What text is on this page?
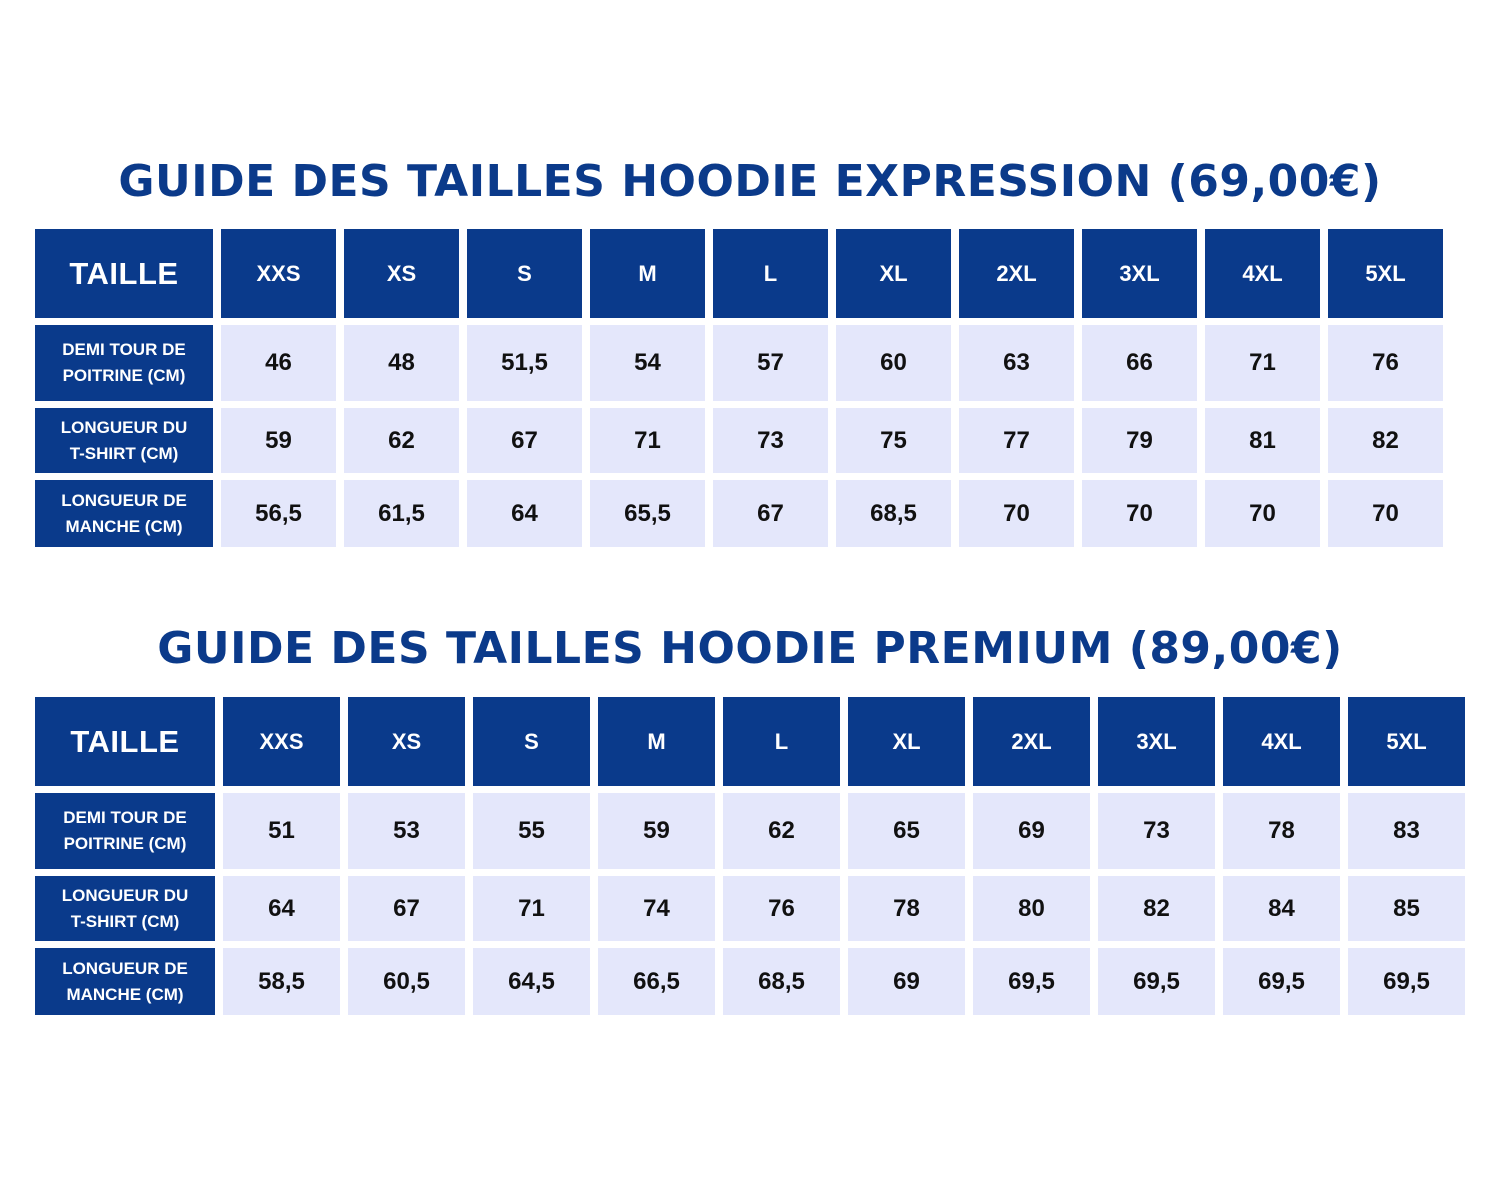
GUIDE DES TAILLES HOODIE EXPRESSION (69,00€)
TAILLE	XXS	XS	S	M	L	XL	2XL	3XL	4XL	5XL
DEMI TOUR DE
POITRINE (CM)	46	48	51,5	54	57	60	63	66	71	76
LONGUEUR DU
T-SHIRT (CM)	59	62	67	71	73	75	77	79	81	82
LONGUEUR DE
MANCHE (CM)	56,5	61,5	64	65,5	67	68,5	70	70	70	70
GUIDE DES TAILLES HOODIE PREMIUM (89,00€)
TAILLE	XXS	XS	S	M	L	XL	2XL	3XL	4XL	5XL
DEMI TOUR DE
POITRINE (CM)	51	53	55	59	62	65	69	73	78	83
LONGUEUR DU
T-SHIRT (CM)	64	67	71	74	76	78	80	82	84	85
LONGUEUR DE
MANCHE (CM)	58,5	60,5	64,5	66,5	68,5	69	69,5	69,5	69,5	69,5
